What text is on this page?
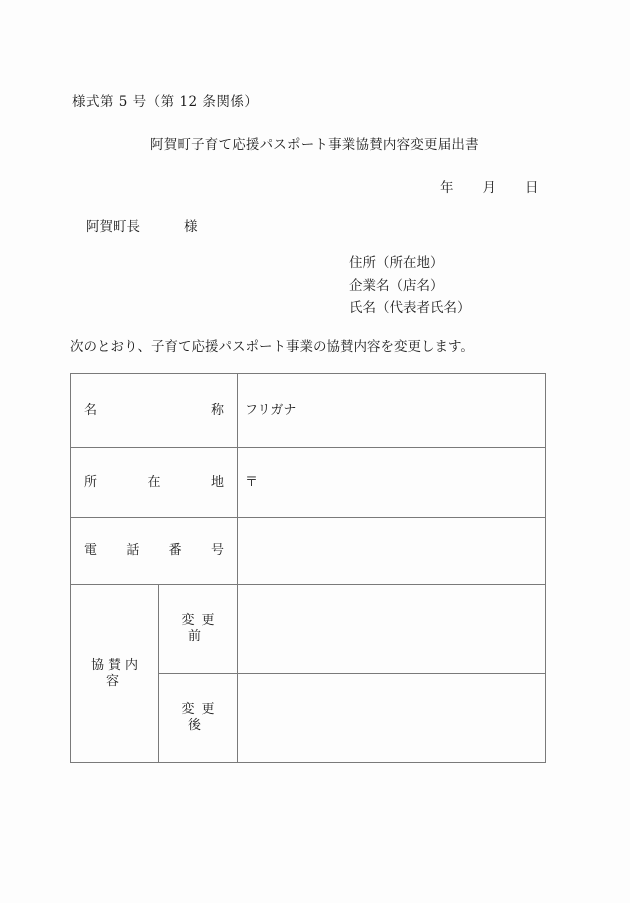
様式第 5 号（第 12 条関係）
阿賀町子育て応援パスポート事業協賛内容変更届出書
年 月 日
阿賀町長	様
住所（所在地）
企業名（店名）
氏名（代表者氏名）
次のとおり、子育て応援パスポート事業の協賛内容を変更します。
名 称		フリガナ

所 在 地		〒

電 話 番 号		

協賛内容	変更前	

	変更後	
